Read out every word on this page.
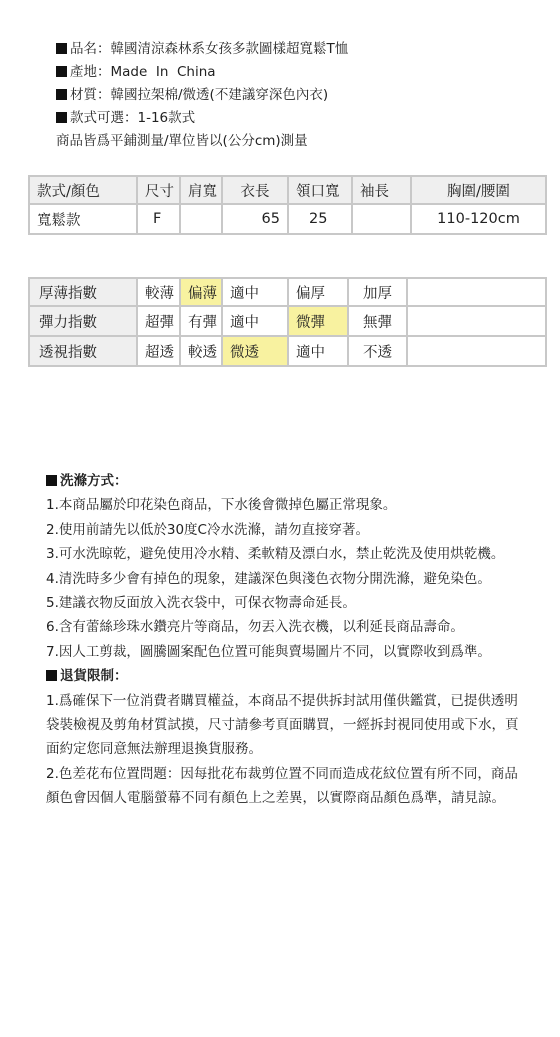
品名：韓國清涼森林系女孩多款圖樣超寬鬆T恤
產地：Made  In  China
材質：韓國拉架棉/微透(不建議穿深色內衣)
款式可選：1-16款式
商品皆爲平鋪測量/單位皆以(公分cm)測量
款式/顏色	尺寸	肩寬	衣長	領口寬	袖長	胸圍/腰圍
寬鬆款	F		65	25		110-120cm
厚薄指數	較薄	偏薄	適中	偏厚	加厚	
彈力指數	超彈	有彈	適中	微彈	無彈	
透視指數	超透	較透	微透	適中	不透	

洗滌方式：

1.本商品屬於印花染色商品，下水後會微掉色屬正常現象。

2.使用前請先以低於30度C冷水洗滌，請勿直接穿著。

3.可水洗晾乾，避免使用冷水精、柔軟精及漂白水，禁止乾洗及使用烘乾機。

4.清洗時多少會有掉色的現象，建議深色與淺色衣物分開洗滌，避免染色。

5.建議衣物反面放入洗衣袋中，可保衣物壽命延長。

6.含有蕾絲珍珠水鑽亮片等商品，勿丟入洗衣機，以利延長商品壽命。

7.因人工剪裁，圖騰圖案配色位置可能與賣場圖片不同，以實際收到爲準。

退貨限制：

1.爲確保下一位消費者購買權益，本商品不提供拆封試用僅供鑑賞，已提供透明袋裝檢視及剪角材質試摸，尺寸請參考頁面購買，一經拆封視同使用或下水，頁面約定您同意無法辦理退換貨服務。

2.色差花布位置問題：因每批花布裁剪位置不同而造成花紋位置有所不同，商品顏色會因個人電腦螢幕不同有顏色上之差異，以實際商品顏色爲準，請見諒。
